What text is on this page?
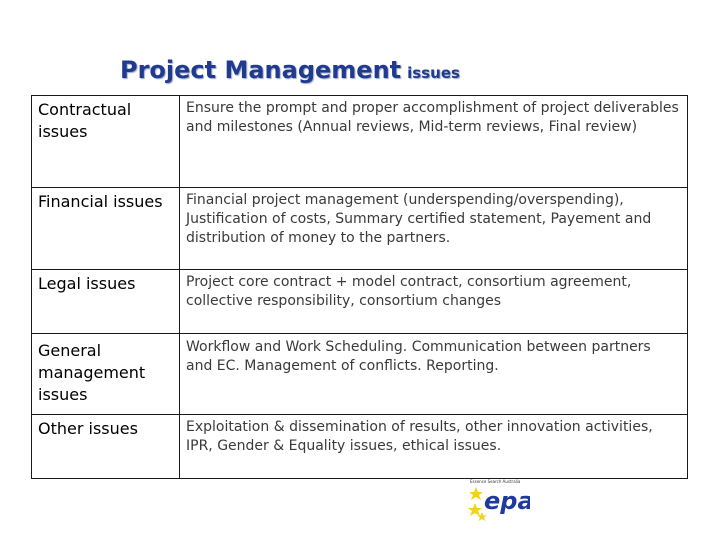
Project Management issues
Contractual issues	Ensure the prompt and proper accomplishment of project deliverables and milestones (Annual reviews, Mid-term reviews, Final review)
Financial issues	Financial project management (underspending/overspending), Justification of costs, Summary certified statement, Payement and distribution of money to the partners.
Legal issues	Project core contract + model contract, consortium agreement, collective responsibility, consortium changes
General management issues	Workflow and Work Scheduling. Communication between partners and EC. Management of conflicts. Reporting.
Other issues	Exploitation & dissemination of results, other innovation activities, IPR, Gender & Equality issues, ethical issues.
Essence Search Australia
epa
